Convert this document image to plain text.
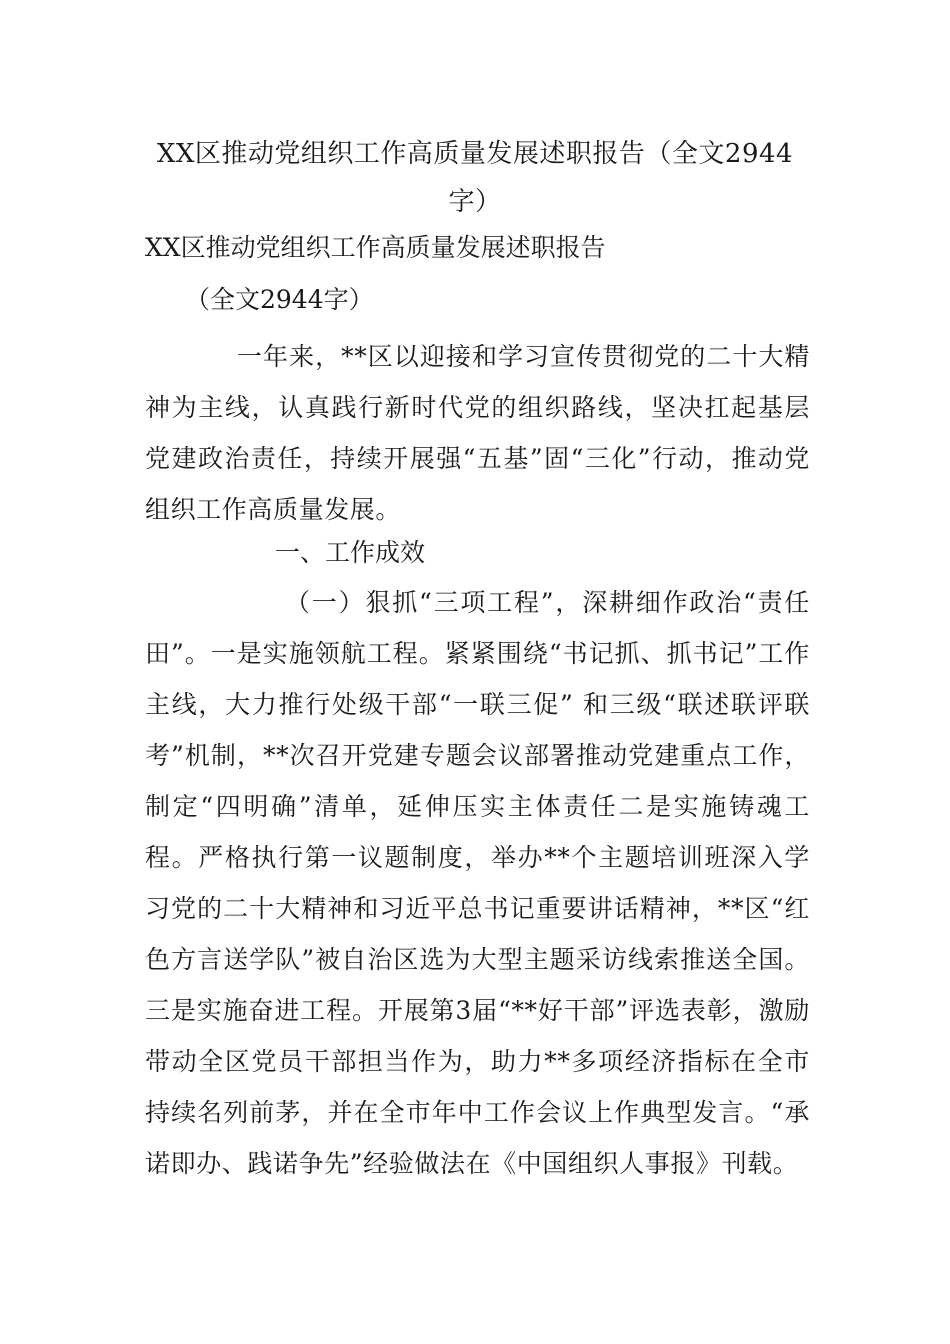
XX区推动党组织工作高质量发展述职报告（全文2944字）
XX区推动党组织工作高质量发展述职报告
（全文2944字）
一年来，**区以迎接和学习宣传贯彻党的二十大精神为主线，认真践行新时代党的组织路线，坚决扛起基层党建政治责任，持续开展强“五基”固“三化”行动，推动党组织工作高质量发展。
一、工作成效
（一）狠抓“三项工程”，深耕细作政治“责任田”。一是实施领航工程。紧紧围绕“书记抓、抓书记”工作主线，大力推行处级干部“一联三促” 和三级“联述联评联考”机制，**次召开党建专题会议部署推动党建重点工作，制定“四明确”清单，延伸压实主体责任二是实施铸魂工程。严格执行第一议题制度，举办**个主题培训班深入学习党的二十大精神和习近平总书记重要讲话精神，**区“红色方言送学队”被自治区选为大型主题采访线索推送全国。三是实施奋进工程。开展第3届“**好干部”评选表彰，激励带动全区党员干部担当作为，助力**多项经济指标在全市持续名列前茅，并在全市年中工作会议上作典型发言。“承诺即办、践诺争先”经验做法在《中国组织人事报》刊载。
